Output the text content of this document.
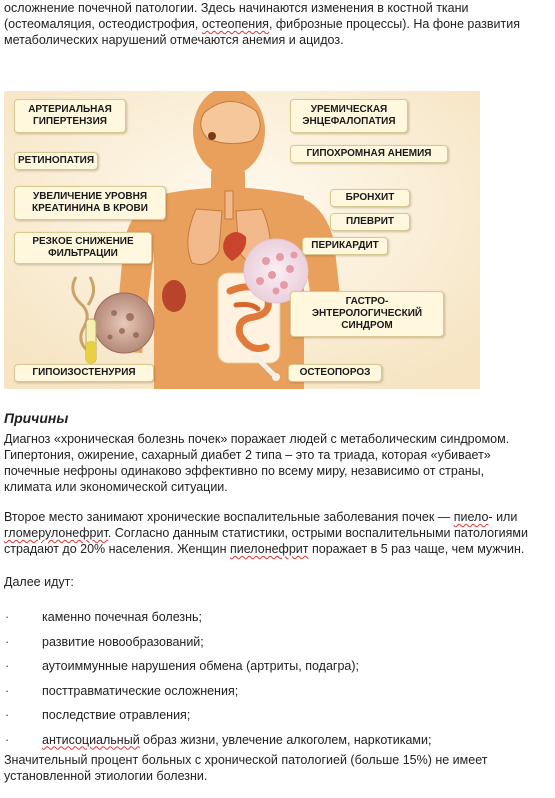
осложнение почечной патологии. Здесь начинаются изменения в костной ткани
(остеомаляция, остеодистрофия, остеопения, фиброзные процессы). На фоне развития
метаболических нарушений отмечаются анемия и ацидоз.

АРТЕРИАЛЬНАЯ ГИПЕРТЕНЗИЯ
РЕТИНОПАТИЯ
УВЕЛИЧЕНИЕ УРОВНЯ КРЕАТИНИНА В КРОВИ
РЕЗКОЕ СНИЖЕНИЕ ФИЛЬТРАЦИИ
ГИПОИЗОСТЕНУРИЯ
УРЕМИЧЕСКАЯ ЭНЦЕФАЛОПАТИЯ
ГИПОХРОМНАЯ АНЕМИЯ
БРОНХИТ
ПЛЕВРИТ
ПЕРИКАРДИТ
ГАСТРО- ЭНТЕРОЛОГИЧЕСКИЙ СИНДРОМ
ОСТЕОПОРОЗ

Причины

Диагноз «хроническая болезнь почек» поражает людей с метаболическим синдромом.
Гипертония, ожирение, сахарный диабет 2 типа – это та триада, которая «убивает»
почечные нефроны одинаково эффективно по всему миру, независимо от страны,
климата или экономической ситуации.

Второе место занимают хронические воспалительные заболевания почек — пиело- или
гломерулонефрит. Согласно данным статистики, острыми воспалительными патологиями
страдают до 20% населения. Женщин пиелонефрит поражает в 5 раз чаще, чем мужчин.

Далее идут:

· каменно почечная болезнь;
· развитие новообразований;
· аутоиммунные нарушения обмена (артриты, подагра);
· посттравматические осложнения;
· последствие отравления;
· антисоциальный образ жизни, увлечение алкоголем, наркотиками;

Значительный процент больных с хронической патологией (больше 15%) не имеет
установленной этиологии болезни.
